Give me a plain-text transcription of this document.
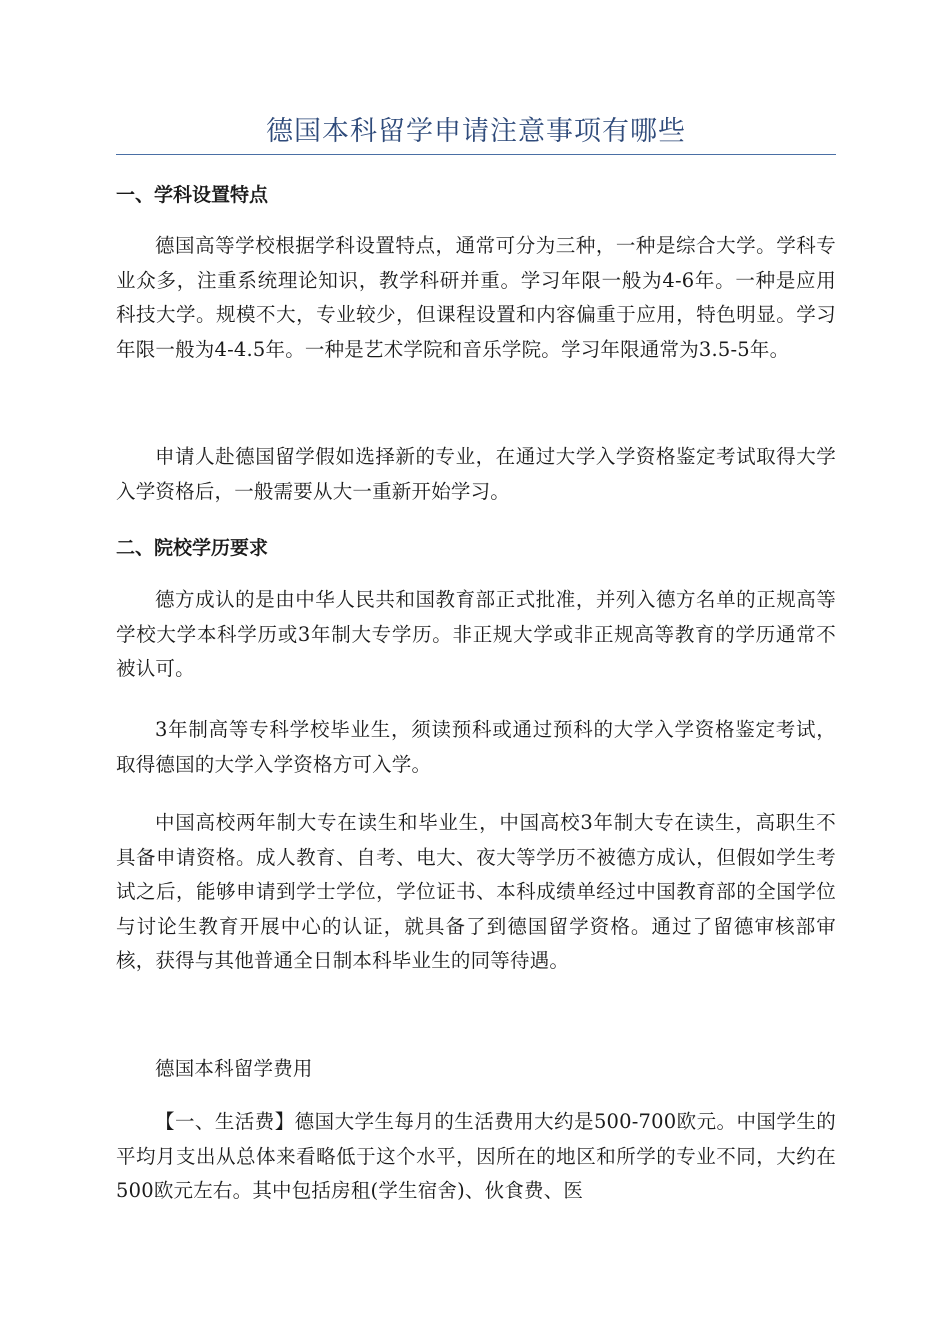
德国本科留学申请注意事项有哪些
一、学科设置特点

德国高等学校根据学科设置特点，通常可分为三种，一种是综合大学。学科专业众多，注重系统理论知识，教学科研并重。学习年限一般为4-6年。一种是应用科技大学。规模不大，专业较少，但课程设置和内容偏重于应用，特色明显。学习年限一般为4-4.5年。一种是艺术学院和音乐学院。学习年限通常为3.5-5年。

申请人赴德国留学假如选择新的专业，在通过大学入学资格鉴定考试取得大学入学资格后，一般需要从大一重新开始学习。

二、院校学历要求

德方成认的是由中华人民共和国教育部正式批准，并列入德方名单的正规高等学校大学本科学历或3年制大专学历。非正规大学或非正规高等教育的学历通常不被认可。

3年制高等专科学校毕业生，须读预科或通过预科的大学入学资格鉴定考试，取得德国的大学入学资格方可入学。

中国高校两年制大专在读生和毕业生，中国高校3年制大专在读生，高职生不具备申请资格。成人教育、自考、电大、夜大等学历不被德方成认，但假如学生考试之后，能够申请到学士学位，学位证书、本科成绩单经过中国教育部的全国学位与讨论生教育开展中心的认证，就具备了到德国留学资格。通过了留德审核部审核，获得与其他普通全日制本科毕业生的同等待遇。

德国本科留学费用

【一、生活费】德国大学生每月的生活费用大约是500-700欧元。中国学生的平均月支出从总体来看略低于这个水平，因所在的地区和所学的专业不同，大约在500欧元左右。其中包括房租(学生宿舍)、伙食费、医
